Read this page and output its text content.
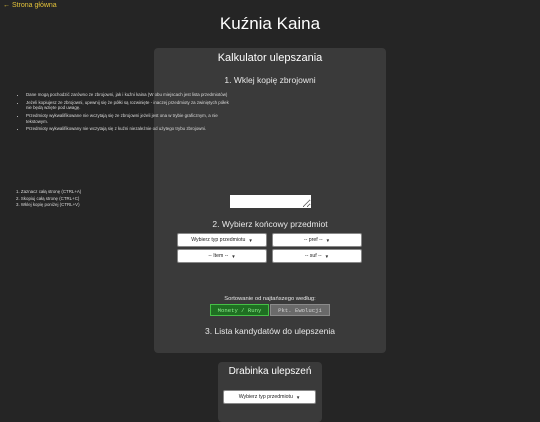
← Strona główna
Kuźnia Kaina
Kalkulator ulepszania
1. Wklej kopię zbrojowni
• Dane mogą pochodzić zarówno ze zbrojowni, jak i kuźni kaina (W obu miejscach jest lista przedmiotów)
• Jeżeli kopiujesz ze zbrojowni, upewnij się że półki są rozwinięte - inaczej przedmioty za zwiniętych półek nie będą wzięte pod uwagę.
• Przedmioty wykwalifikowane nie wczytają się ze zbrojowni jeżeli jest ona w trybie graficznym, a nie tekstowym.
• Przedmioty wykwalifikowany nie wczytają się z kuźni niezależnie od użytego trybu zbrojowni.
1. Zaznacz całą stronę (CTRL+A)
2. Skopiuj całą stronę (CTRL+C)
3. Wklej kopię poniżej (CTRL+V)
2. Wybierz końcowy przedmiot
Wybierz typ przedmiotu ▼	-- pref -- ▼
-- Item -- ▼	-- suf -- ▼
Sortowanie od najtańszego według:
Monety / Runy	Pkt. Ewolucji
3. Lista kandydatów do ulepszenia
Drabinka ulepszeń
Wybierz typ przedmiotu ▼
